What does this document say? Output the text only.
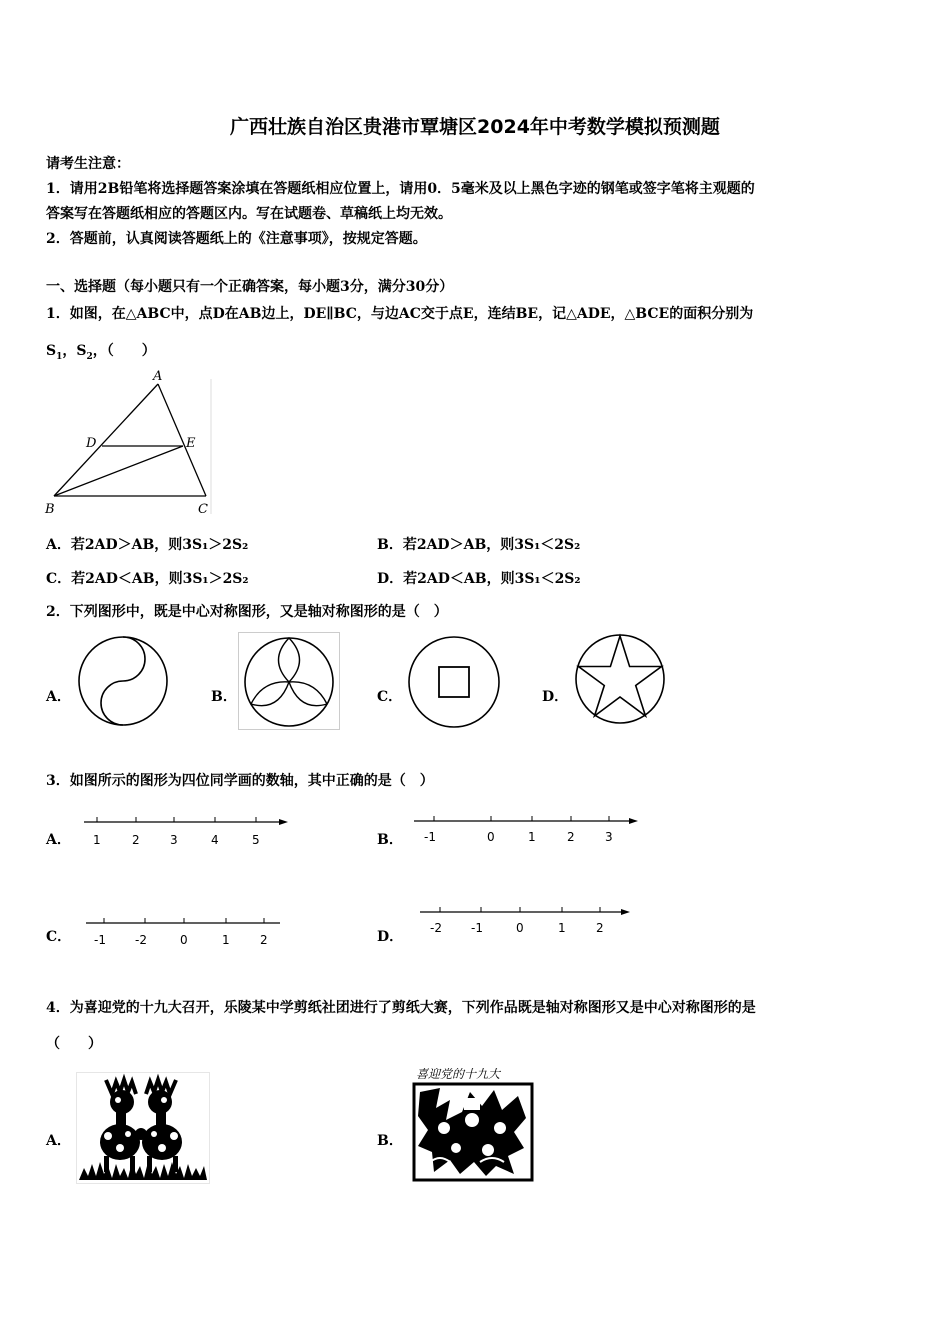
广西壮族自治区贵港市覃塘区2024年中考数学模拟预测题
请考生注意：
1．请用2B铅笔将选择题答案涂填在答题纸相应位置上，请用0．5毫米及以上黑色字迹的钢笔或签字笔将主观题的
答案写在答题纸相应的答题区内。写在试题卷、草稿纸上均无效。
2．答题前，认真阅读答题纸上的《注意事项》，按规定答题。
一、选择题（每小题只有一个正确答案，每小题3分，满分30分）
1．如图，在△ABC中，点D在AB边上，DE∥BC，与边AC交于点E，连结BE，记△ADE，△BCE的面积分别为
$S_1$，$S_2$，（　　）
A
D	E
B	C
A．若2AD＞AB，则3S₁＞2S₂	B．若2AD＞AB，则3S₁＜2S₂
C．若2AD＜AB，则3S₁＞2S₂	D．若2AD＜AB，则3S₁＜2S₂
2．下列图形中，既是中心对称图形，又是轴对称图形的是（　）
A．	B．	C．	D．
3．如图所示的图形为四位同学画的数轴，其中正确的是（　）
A． 1	2	3	4	5	B． -1	0	1	2	3
C． -1 -2	0	1	2	D．
-2 -1	0	1	2
4．为喜迎党的十九大召开，乐陵某中学剪纸社团进行了剪纸大赛，下列作品既是轴对称图形又是中心对称图形的是
（　　）
A．	B．
喜迎党的十九大
